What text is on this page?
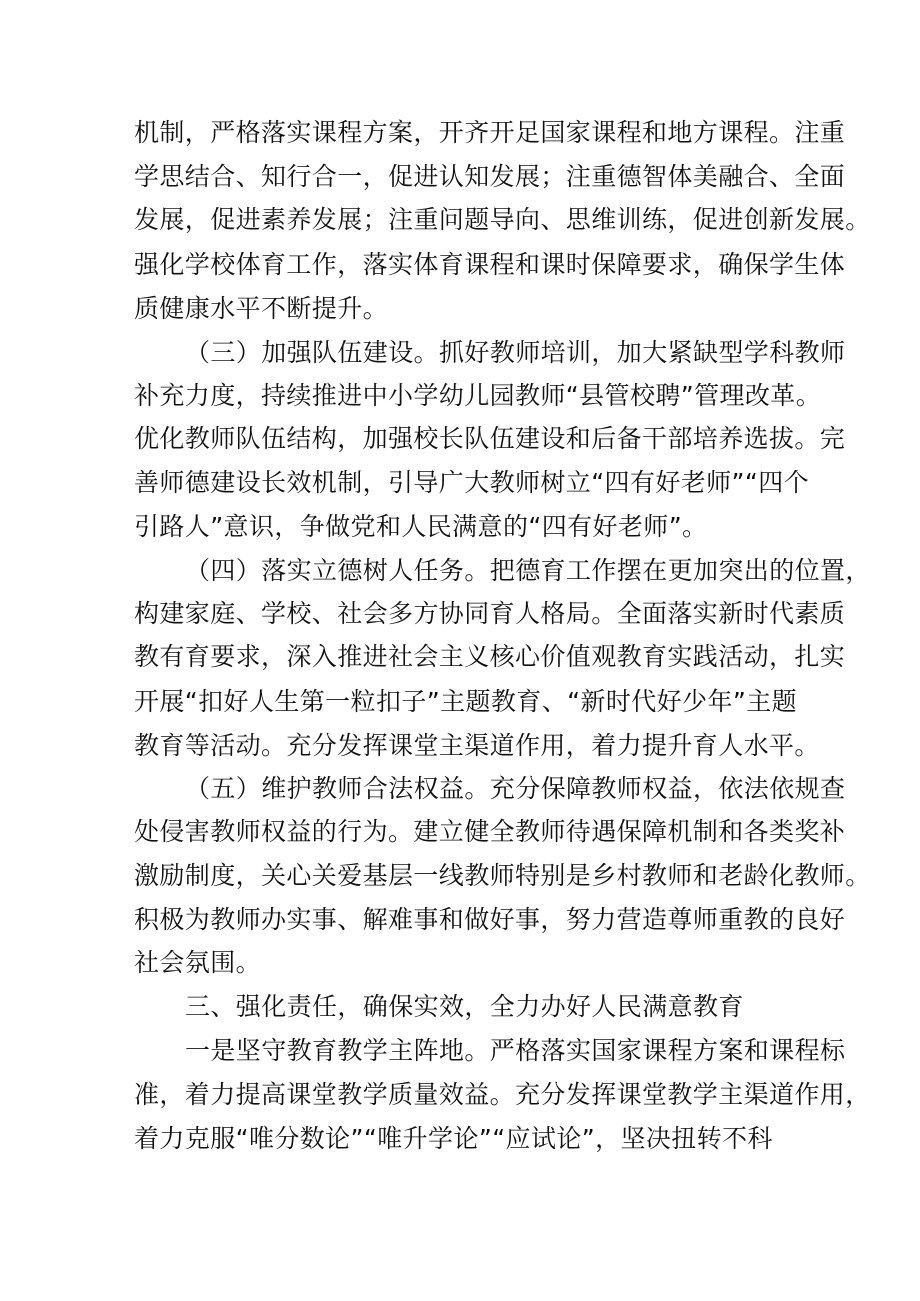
机制，严格落实课程方案，开齐开足国家课程和地方课程。注重
学思结合、知行合一，促进认知发展；注重德智体美融合、全面
发展，促进素养发展；注重问题导向、思维训练，促进创新发展。
强化学校体育工作，落实体育课程和课时保障要求，确保学生体
质健康水平不断提升。
（三）加强队伍建设。抓好教师培训，加大紧缺型学科教师
补充力度，持续推进中小学幼儿园教师“县管校聘”管理改革。
优化教师队伍结构，加强校长队伍建设和后备干部培养选拔。完
善师德建设长效机制，引导广大教师树立“四有好老师”“四个
引路人”意识，争做党和人民满意的“四有好老师”。
（四）落实立德树人任务。把德育工作摆在更加突出的位置，
构建家庭、学校、社会多方协同育人格局。全面落实新时代素质
教有育要求，深入推进社会主义核心价值观教育实践活动，扎实
开展“扣好人生第一粒扣子”主题教育、“新时代好少年”主题
教育等活动。充分发挥课堂主渠道作用，着力提升育人水平。
（五）维护教师合法权益。充分保障教师权益，依法依规查
处侵害教师权益的行为。建立健全教师待遇保障机制和各类奖补
激励制度，关心关爱基层一线教师特别是乡村教师和老龄化教师。
积极为教师办实事、解难事和做好事，努力营造尊师重教的良好
社会氛围。
三、强化责任，确保实效，全力办好人民满意教育
一是坚守教育教学主阵地。严格落实国家课程方案和课程标
准，着力提高课堂教学质量效益。充分发挥课堂教学主渠道作用，
着力克服“唯分数论”“唯升学论”“应试论”，坚决扭转不科
